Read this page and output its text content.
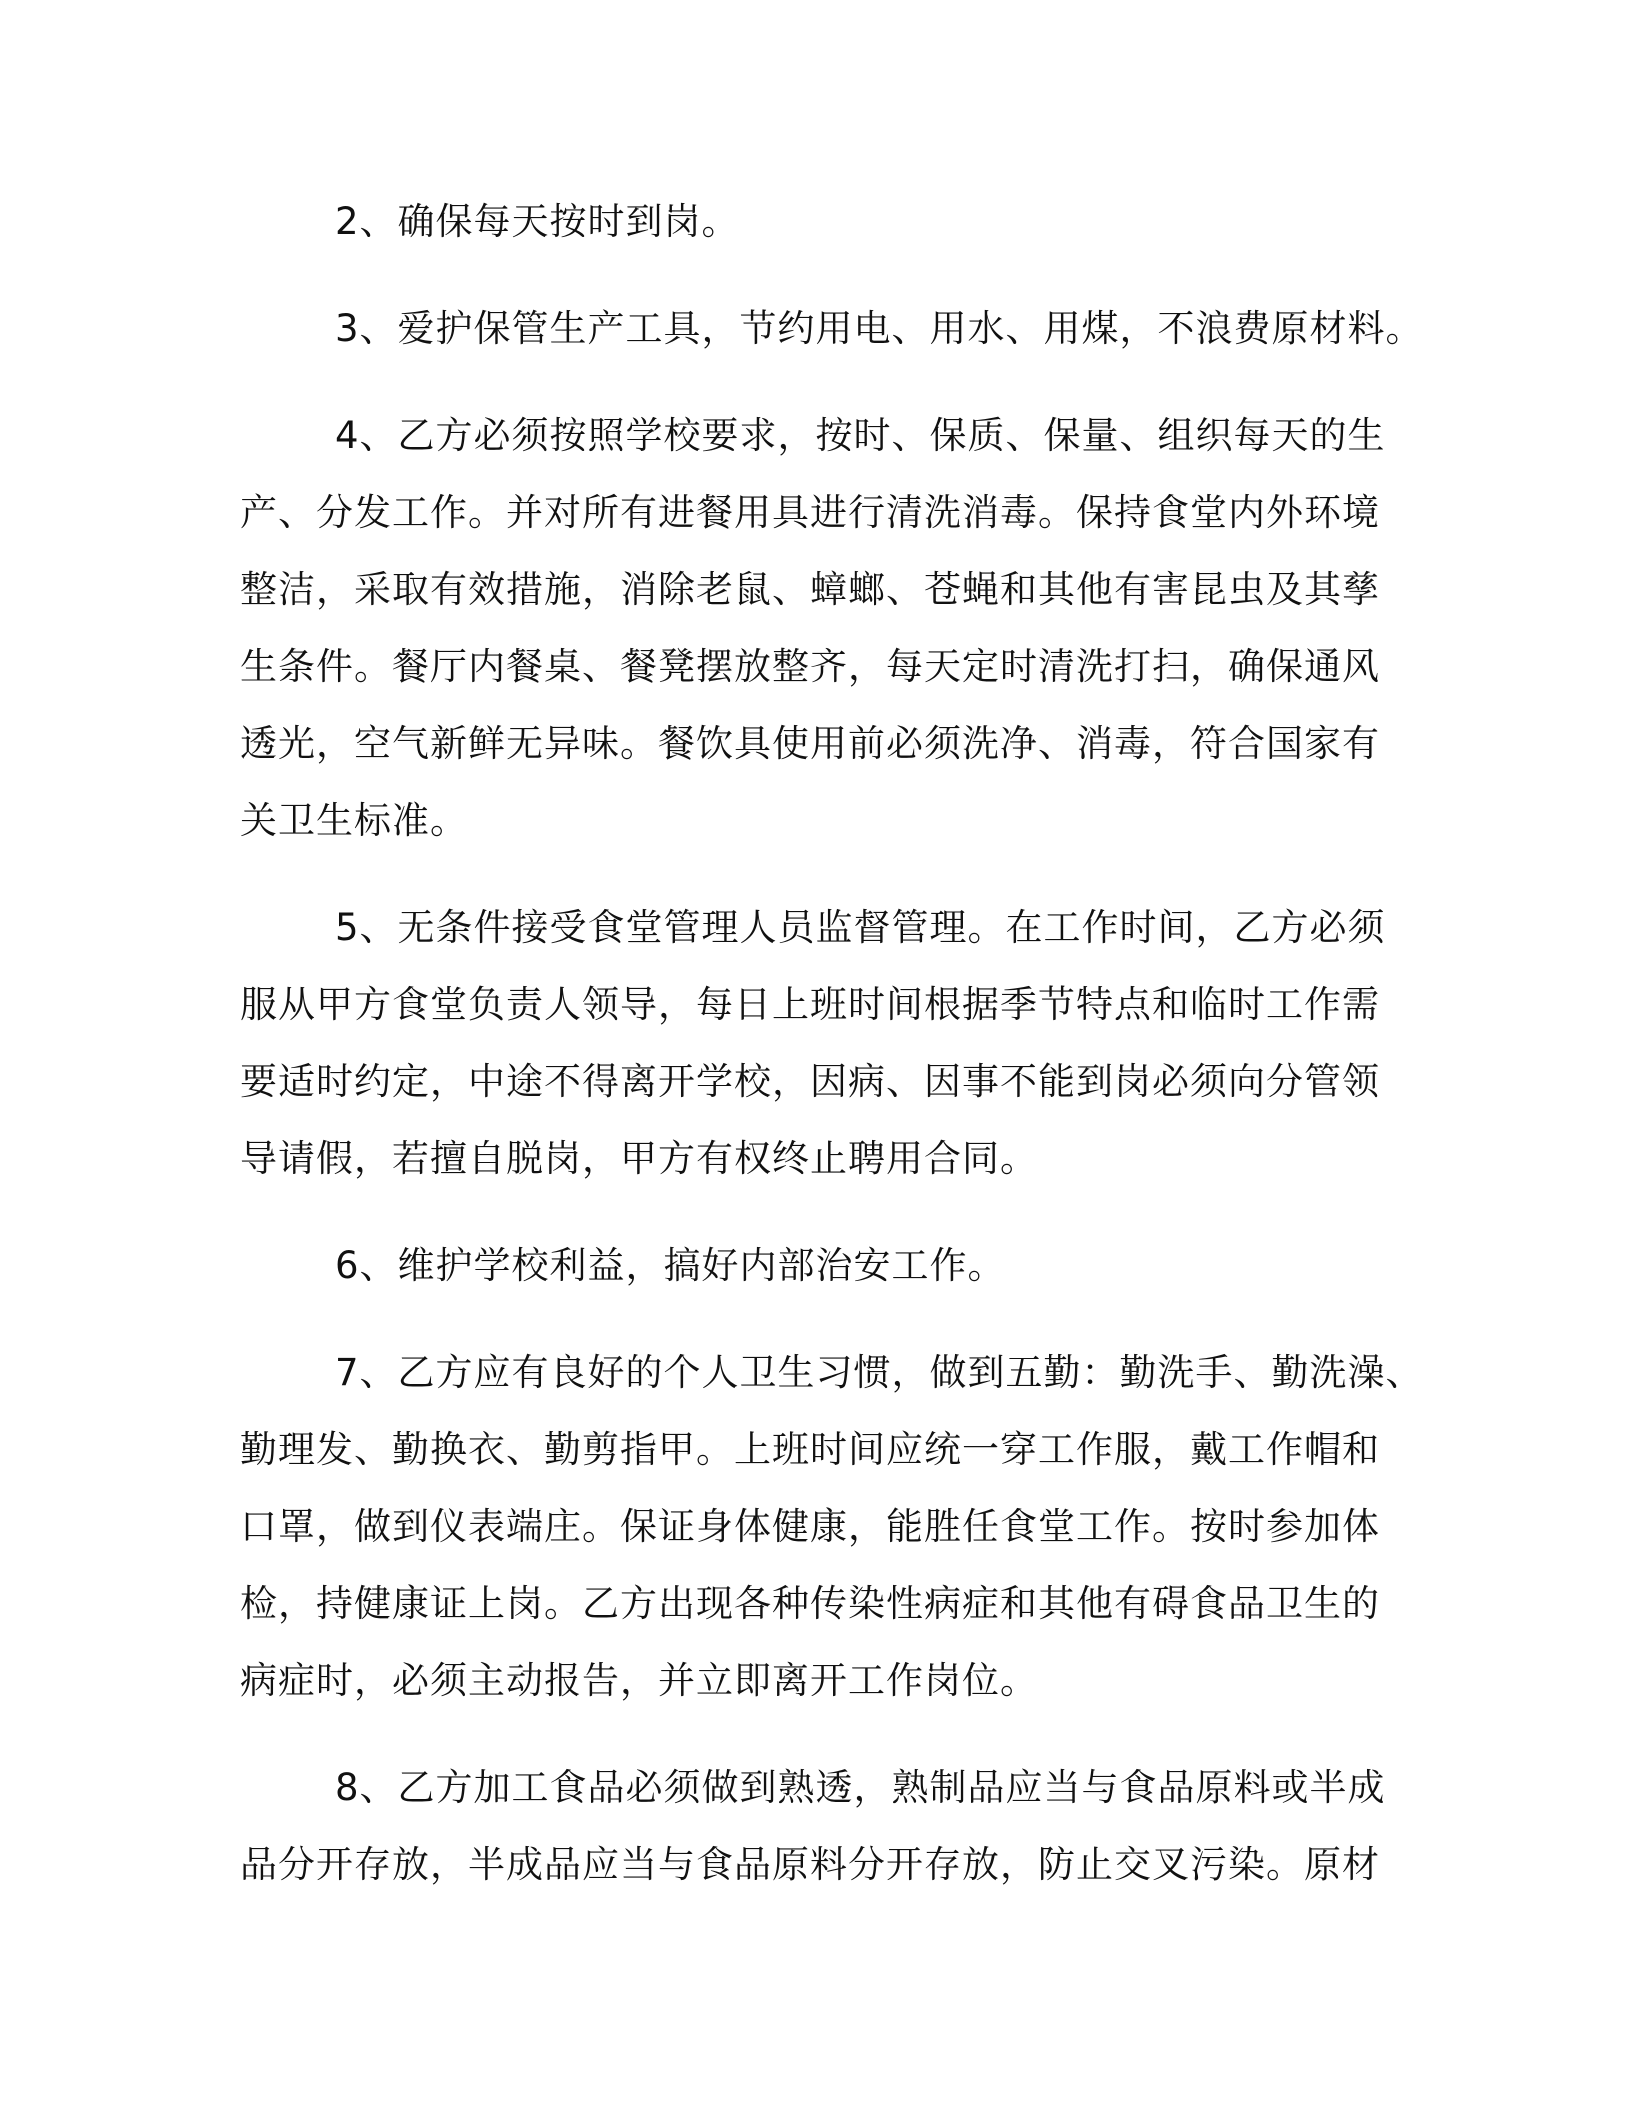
2、确保每天按时到岗。

3、爱护保管生产工具，节约用电、用水、用煤，不浪费原材料。

4、乙方必须按照学校要求，按时、保质、保量、组织每天的生
产、分发工作。并对所有进餐用具进行清洗消毒。保持食堂内外环境
整洁，采取有效措施，消除老鼠、蟑螂、苍蝇和其他有害昆虫及其孳
生条件。餐厅内餐桌、餐凳摆放整齐，每天定时清洗打扫，确保通风
透光，空气新鲜无异味。餐饮具使用前必须洗净、消毒，符合国家有
关卫生标准。

5、无条件接受食堂管理人员监督管理。在工作时间，乙方必须
服从甲方食堂负责人领导，每日上班时间根据季节特点和临时工作需
要适时约定，中途不得离开学校，因病、因事不能到岗必须向分管领
导请假，若擅自脱岗，甲方有权终止聘用合同。

6、维护学校利益，搞好内部治安工作。

7、乙方应有良好的个人卫生习惯，做到五勤：勤洗手、勤洗澡、
勤理发、勤换衣、勤剪指甲。上班时间应统一穿工作服，戴工作帽和
口罩，做到仪表端庄。保证身体健康，能胜任食堂工作。按时参加体
检，持健康证上岗。乙方出现各种传染性病症和其他有碍食品卫生的
病症时，必须主动报告，并立即离开工作岗位。

8、乙方加工食品必须做到熟透，熟制品应当与食品原料或半成
品分开存放，半成品应当与食品原料分开存放，防止交叉污染。原材
